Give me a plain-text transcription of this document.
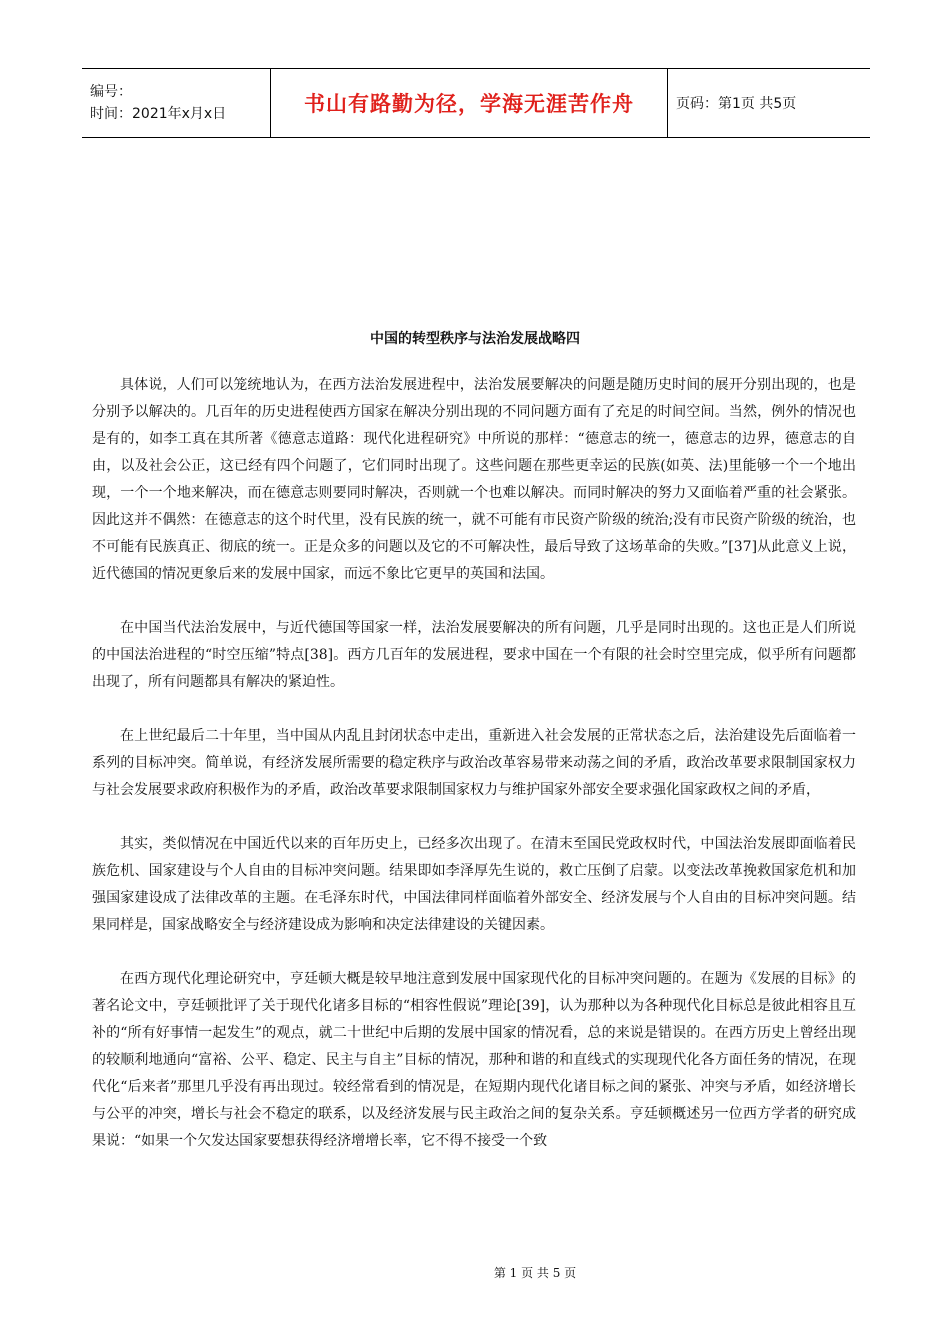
编号：
时间：2021年x月x日	书山有路勤为径，学海无涯苦作舟	页码：第1页 共5页
中国的转型秩序与法治发展战略四

具体说，人们可以笼统地认为，在西方法治发展进程中，法治发展要解决的问题是随历史时间的展开分别出现的，也是分别予以解决的。几百年的历史进程使西方国家在解决分别出现的不同问题方面有了充足的时间空间。当然，例外的情况也是有的，如李工真在其所著《德意志道路：现代化进程研究》中所说的那样：“德意志的统一，德意志的边界，德意志的自由，以及社会公正，这已经有四个问题了，它们同时出现了。这些问题在那些更幸运的民族(如英、法)里能够一个一个地出现，一个一个地来解决，而在德意志则要同时解决，否则就一个也难以解决。而同时解决的努力又面临着严重的社会紧张。因此这并不偶然：在德意志的这个时代里，没有民族的统一，就不可能有市民资产阶级的统治;没有市民资产阶级的统治，也不可能有民族真正、彻底的统一。正是众多的问题以及它的不可解决性，最后导致了这场革命的失败。”[37]从此意义上说，近代德国的情况更象后来的发展中国家，而远不象比它更早的英国和法国。

在中国当代法治发展中，与近代德国等国家一样，法治发展要解决的所有问题，几乎是同时出现的。这也正是人们所说的中国法治进程的“时空压缩”特点[38]。西方几百年的发展进程，要求中国在一个有限的社会时空里完成，似乎所有问题都出现了，所有问题都具有解决的紧迫性。

在上世纪最后二十年里，当中国从内乱且封闭状态中走出，重新进入社会发展的正常状态之后，法治建设先后面临着一系列的目标冲突。简单说，有经济发展所需要的稳定秩序与政治改革容易带来动荡之间的矛盾，政治改革要求限制国家权力与社会发展要求政府积极作为的矛盾，政治改革要求限制国家权力与维护国家外部安全要求强化国家政权之间的矛盾，

其实，类似情况在中国近代以来的百年历史上，已经多次出现了。在清末至国民党政权时代，中国法治发展即面临着民族危机、国家建设与个人自由的目标冲突问题。结果即如李泽厚先生说的，救亡压倒了启蒙。以变法改革挽救国家危机和加强国家建设成了法律改革的主题。在毛泽东时代，中国法律同样面临着外部安全、经济发展与个人自由的目标冲突问题。结果同样是，国家战略安全与经济建设成为影响和决定法律建设的关键因素。

在西方现代化理论研究中，亨廷顿大概是较早地注意到发展中国家现代化的目标冲突问题的。在题为《发展的目标》的著名论文中，亨廷顿批评了关于现代化诸多目标的“相容性假说”理论[39]，认为那种以为各种现代化目标总是彼此相容且互补的“所有好事情一起发生”的观点，就二十世纪中后期的发展中国家的情况看，总的来说是错误的。在西方历史上曾经出现的较顺利地通向“富裕、公平、稳定、民主与自主”目标的情况，那种和谐的和直线式的实现现代化各方面任务的情况，在现代化“后来者”那里几乎没有再出现过。较经常看到的情况是，在短期内现代化诸目标之间的紧张、冲突与矛盾，如经济增长与公平的冲突，增长与社会不稳定的联系，以及经济发展与民主政治之间的复杂关系。亨廷顿概述另一位西方学者的研究成果说：“如果一个欠发达国家要想获得经济增增长率，它不得不接受一个致

第 1 页 共 5 页
